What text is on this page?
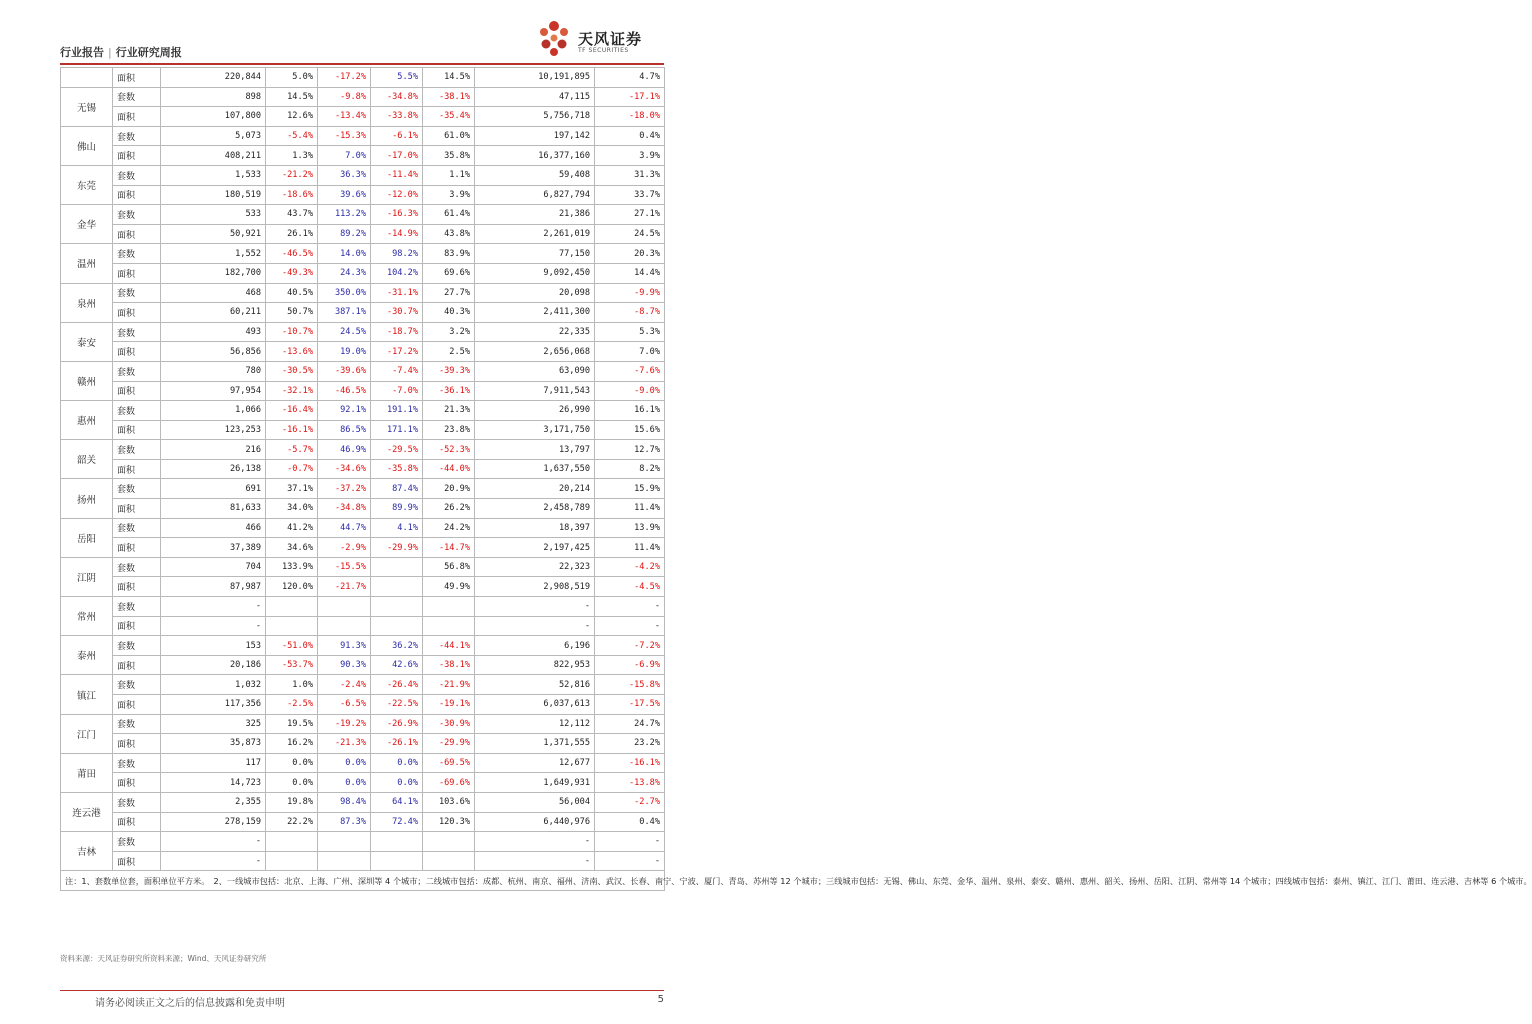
行业报告 | 行业研究周报
天风证券
TF SECURITIES
	面积	220,844	5.0%	-17.2%	5.5%	14.5%	10,191,895	4.7%
无锡	套数	898	14.5%	-9.8%	-34.8%	-38.1%	47,115	-17.1%
	面积	107,800	12.6%	-13.4%	-33.8%	-35.4%	5,756,718	-18.0%
佛山	套数	5,073	-5.4%	-15.3%	-6.1%	61.0%	197,142	0.4%
	面积	408,211	1.3%	7.0%	-17.0%	35.8%	16,377,160	3.9%
东莞	套数	1,533	-21.2%	36.3%	-11.4%	1.1%	59,408	31.3%
	面积	180,519	-18.6%	39.6%	-12.0%	3.9%	6,827,794	33.7%
金华	套数	533	43.7%	113.2%	-16.3%	61.4%	21,386	27.1%
	面积	50,921	26.1%	89.2%	-14.9%	43.8%	2,261,019	24.5%
温州	套数	1,552	-46.5%	14.0%	98.2%	83.9%	77,150	20.3%
	面积	182,700	-49.3%	24.3%	104.2%	69.6%	9,092,450	14.4%
泉州	套数	468	40.5%	350.0%	-31.1%	27.7%	20,098	-9.9%
	面积	60,211	50.7%	387.1%	-30.7%	40.3%	2,411,300	-8.7%
泰安	套数	493	-10.7%	24.5%	-18.7%	3.2%	22,335	5.3%
	面积	56,856	-13.6%	19.0%	-17.2%	2.5%	2,656,068	7.0%
赣州	套数	780	-30.5%	-39.6%	-7.4%	-39.3%	63,090	-7.6%
	面积	97,954	-32.1%	-46.5%	-7.0%	-36.1%	7,911,543	-9.0%
惠州	套数	1,066	-16.4%	92.1%	191.1%	21.3%	26,990	16.1%
	面积	123,253	-16.1%	86.5%	171.1%	23.8%	3,171,750	15.6%
韶关	套数	216	-5.7%	46.9%	-29.5%	-52.3%	13,797	12.7%
	面积	26,138	-0.7%	-34.6%	-35.8%	-44.0%	1,637,550	8.2%
扬州	套数	691	37.1%	-37.2%	87.4%	20.9%	20,214	15.9%
	面积	81,633	34.0%	-34.8%	89.9%	26.2%	2,458,789	11.4%
岳阳	套数	466	41.2%	44.7%	4.1%	24.2%	18,397	13.9%
	面积	37,389	34.6%	-2.9%	-29.9%	-14.7%	2,197,425	11.4%
江阴	套数	704	133.9%	-15.5%		56.8%	22,323	-4.2%
	面积	87,987	120.0%	-21.7%		49.9%	2,908,519	-4.5%
常州	套数	-					-	-
	面积	-					-	-
泰州	套数	153	-51.0%	91.3%	36.2%	-44.1%	6,196	-7.2%
	面积	20,186	-53.7%	90.3%	42.6%	-38.1%	822,953	-6.9%
镇江	套数	1,032	1.0%	-2.4%	-26.4%	-21.9%	52,816	-15.8%
	面积	117,356	-2.5%	-6.5%	-22.5%	-19.1%	6,037,613	-17.5%
江门	套数	325	19.5%	-19.2%	-26.9%	-30.9%	12,112	24.7%
	面积	35,873	16.2%	-21.3%	-26.1%	-29.9%	1,371,555	23.2%
莆田	套数	117	0.0%	0.0%	0.0%	-69.5%	12,677	-16.1%
	面积	14,723	0.0%	0.0%	0.0%	-69.6%	1,649,931	-13.8%
连云港	套数	2,355	19.8%	98.4%	64.1%	103.6%	56,004	-2.7%
	面积	278,159	22.2%	87.3%	72.4%	120.3%	6,440,976	0.4%
吉林	套数	-					-	-
	面积	-					-	-
注：1、套数单位套，面积单位平方米。　2、一线城市包括：北京、上海、广州、深圳等 4 个城市；二线城市包括：成都、杭州、南京、福州、济南、武汉、长春、南宁、宁波、厦门、青岛、苏州等 12 个城市；三线城市包括：无锡、佛山、东莞、金华、温州、泉州、泰安、赣州、惠州、韶关、扬州、岳阳、江阴、常州等 14 个城市；四线城市包括：泰州、镇江、江门、莆田、连云港、吉林等 6 个城市。								
资料来源：天风证券研究所资料来源；Wind、天风证券研究所
请务必阅读正文之后的信息披露和免责申明	5
